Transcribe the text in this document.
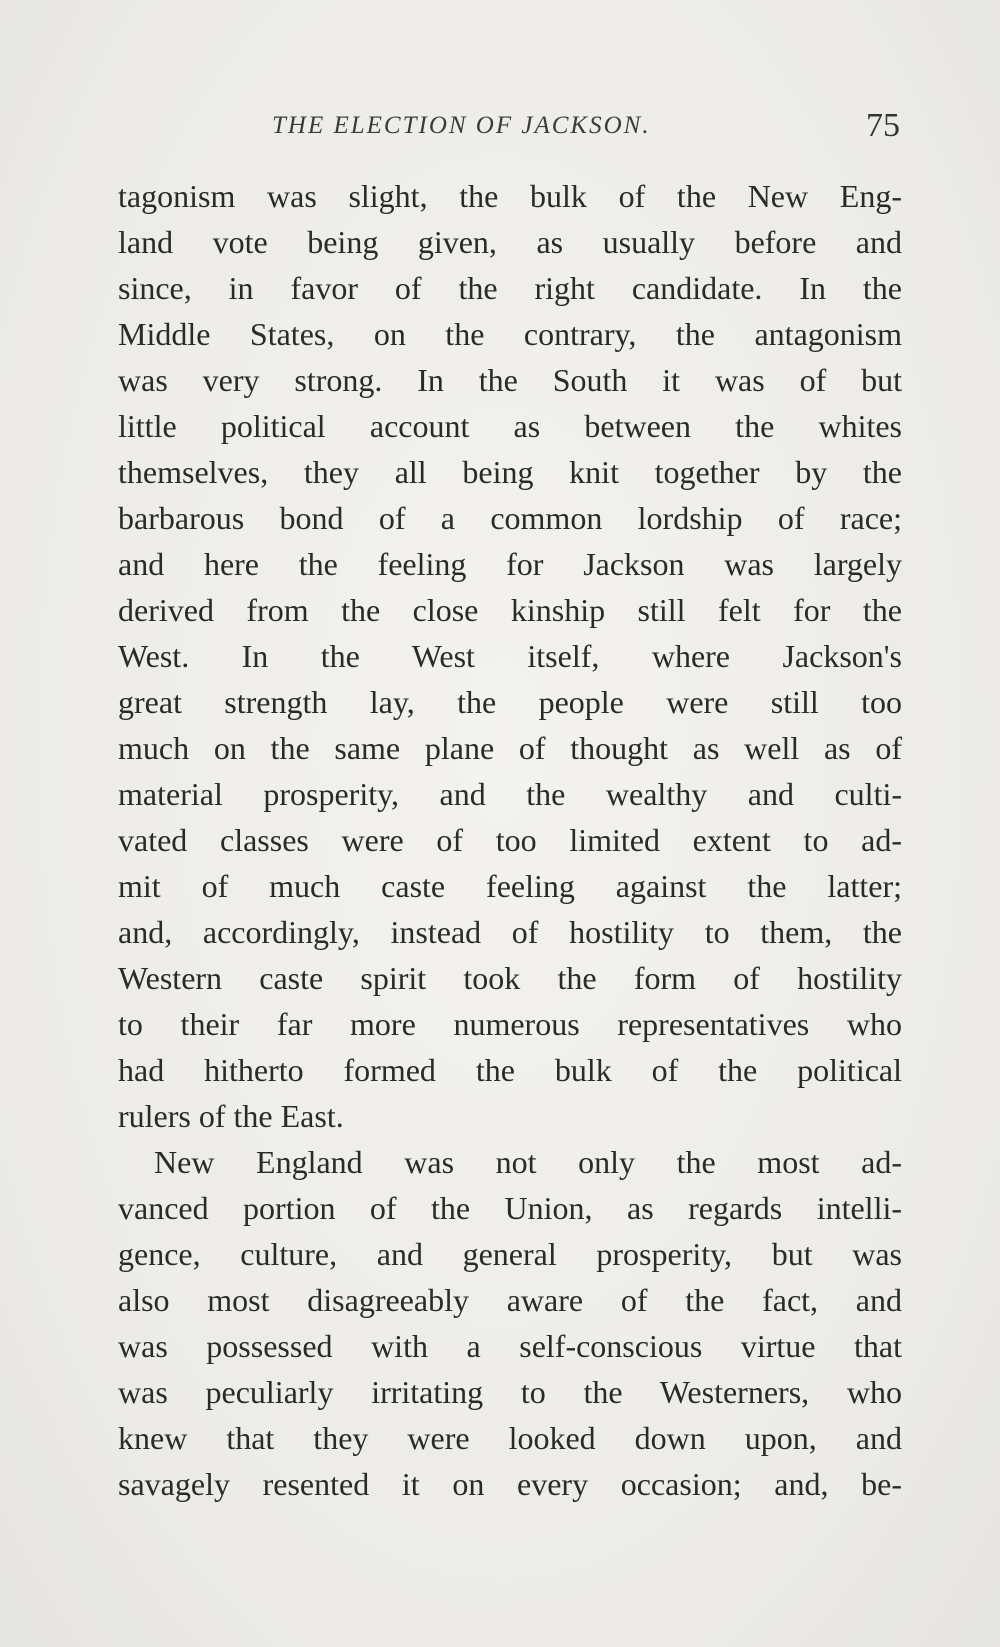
THE ELECTION OF JACKSON.	75
tagonism was slight, the bulk of the New Eng-
land vote being given, as usually before and
since, in favor of the right candidate. In the
Middle States, on the contrary, the antagonism
was very strong. In the South it was of but
little political account as between the whites
themselves, they all being knit together by the
barbarous bond of a common lordship of race;
and here the feeling for Jackson was largely
derived from the close kinship still felt for the
West. In the West itself, where Jackson's
great strength lay, the people were still too
much on the same plane of thought as well as of
material prosperity, and the wealthy and culti-
vated classes were of too limited extent to ad-
mit of much caste feeling against the latter;
and, accordingly, instead of hostility to them, the
Western caste spirit took the form of hostility
to their far more numerous representatives who
had hitherto formed the bulk of the political
rulers of the East.
New England was not only the most ad-
vanced portion of the Union, as regards intelli-
gence, culture, and general prosperity, but was
also most disagreeably aware of the fact, and
was possessed with a self-conscious virtue that
was peculiarly irritating to the Westerners, who
knew that they were looked down upon, and
savagely resented it on every occasion; and, be-
